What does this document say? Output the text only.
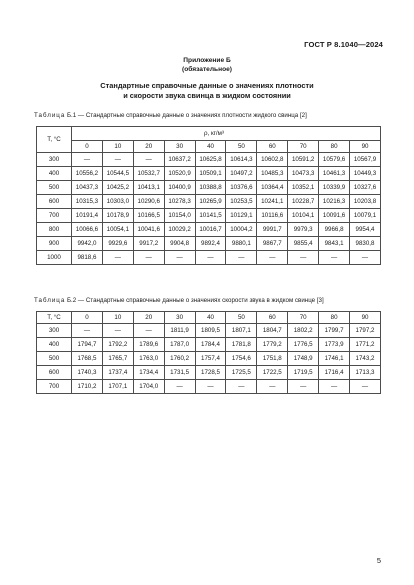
ГОСТ Р 8.1040—2024
Приложение Б
(обязательное)
Стандартные справочные данные о значениях плотности
и скорости звука свинца в жидком состоянии
Таблица Б.1 — Стандартные справочные данные о значениях плотности жидкого свинца [2]
T, °C	ρ, кг/м³									
	0	10	20	30	40	50	60	70	80	90
300	—	—	—	10637,2	10625,8	10614,3	10602,8	10591,2	10579,6	10567,9
400	10556,2	10544,5	10532,7	10520,9	10509,1	10497,2	10485,3	10473,3	10461,3	10449,3
500	10437,3	10425,2	10413,1	10400,9	10388,8	10376,6	10364,4	10352,1	10339,9	10327,6
600	10315,3	10303,0	10290,6	10278,3	10265,9	10253,5	10241,1	10228,7	10216,3	10203,8
700	10191,4	10178,9	10166,5	10154,0	10141,5	10129,1	10116,6	10104,1	10091,6	10079,1
800	10066,6	10054,1	10041,6	10029,2	10016,7	10004,2	9991,7	9979,3	9966,8	9954,4
900	9942,0	9929,6	9917,2	9904,8	9892,4	9880,1	9867,7	9855,4	9843,1	9830,8
1000	9818,6	—	—	—	—	—	—	—	—	—
Таблица Б.2 — Стандартные справочные данные о значениях скорости звука в жидком свинце [3]
T, °C	0	10	20	30	40	50	60	70	80	90
300	—	—	—	1811,9	1809,5	1807,1	1804,7	1802,2	1799,7	1797,2
400	1794,7	1792,2	1789,6	1787,0	1784,4	1781,8	1779,2	1776,5	1773,9	1771,2
500	1768,5	1765,7	1763,0	1760,2	1757,4	1754,6	1751,8	1748,9	1746,1	1743,2
600	1740,3	1737,4	1734,4	1731,5	1728,5	1725,5	1722,5	1719,5	1716,4	1713,3
700	1710,2	1707,1	1704,0	—	—	—	—	—	—	—
5
